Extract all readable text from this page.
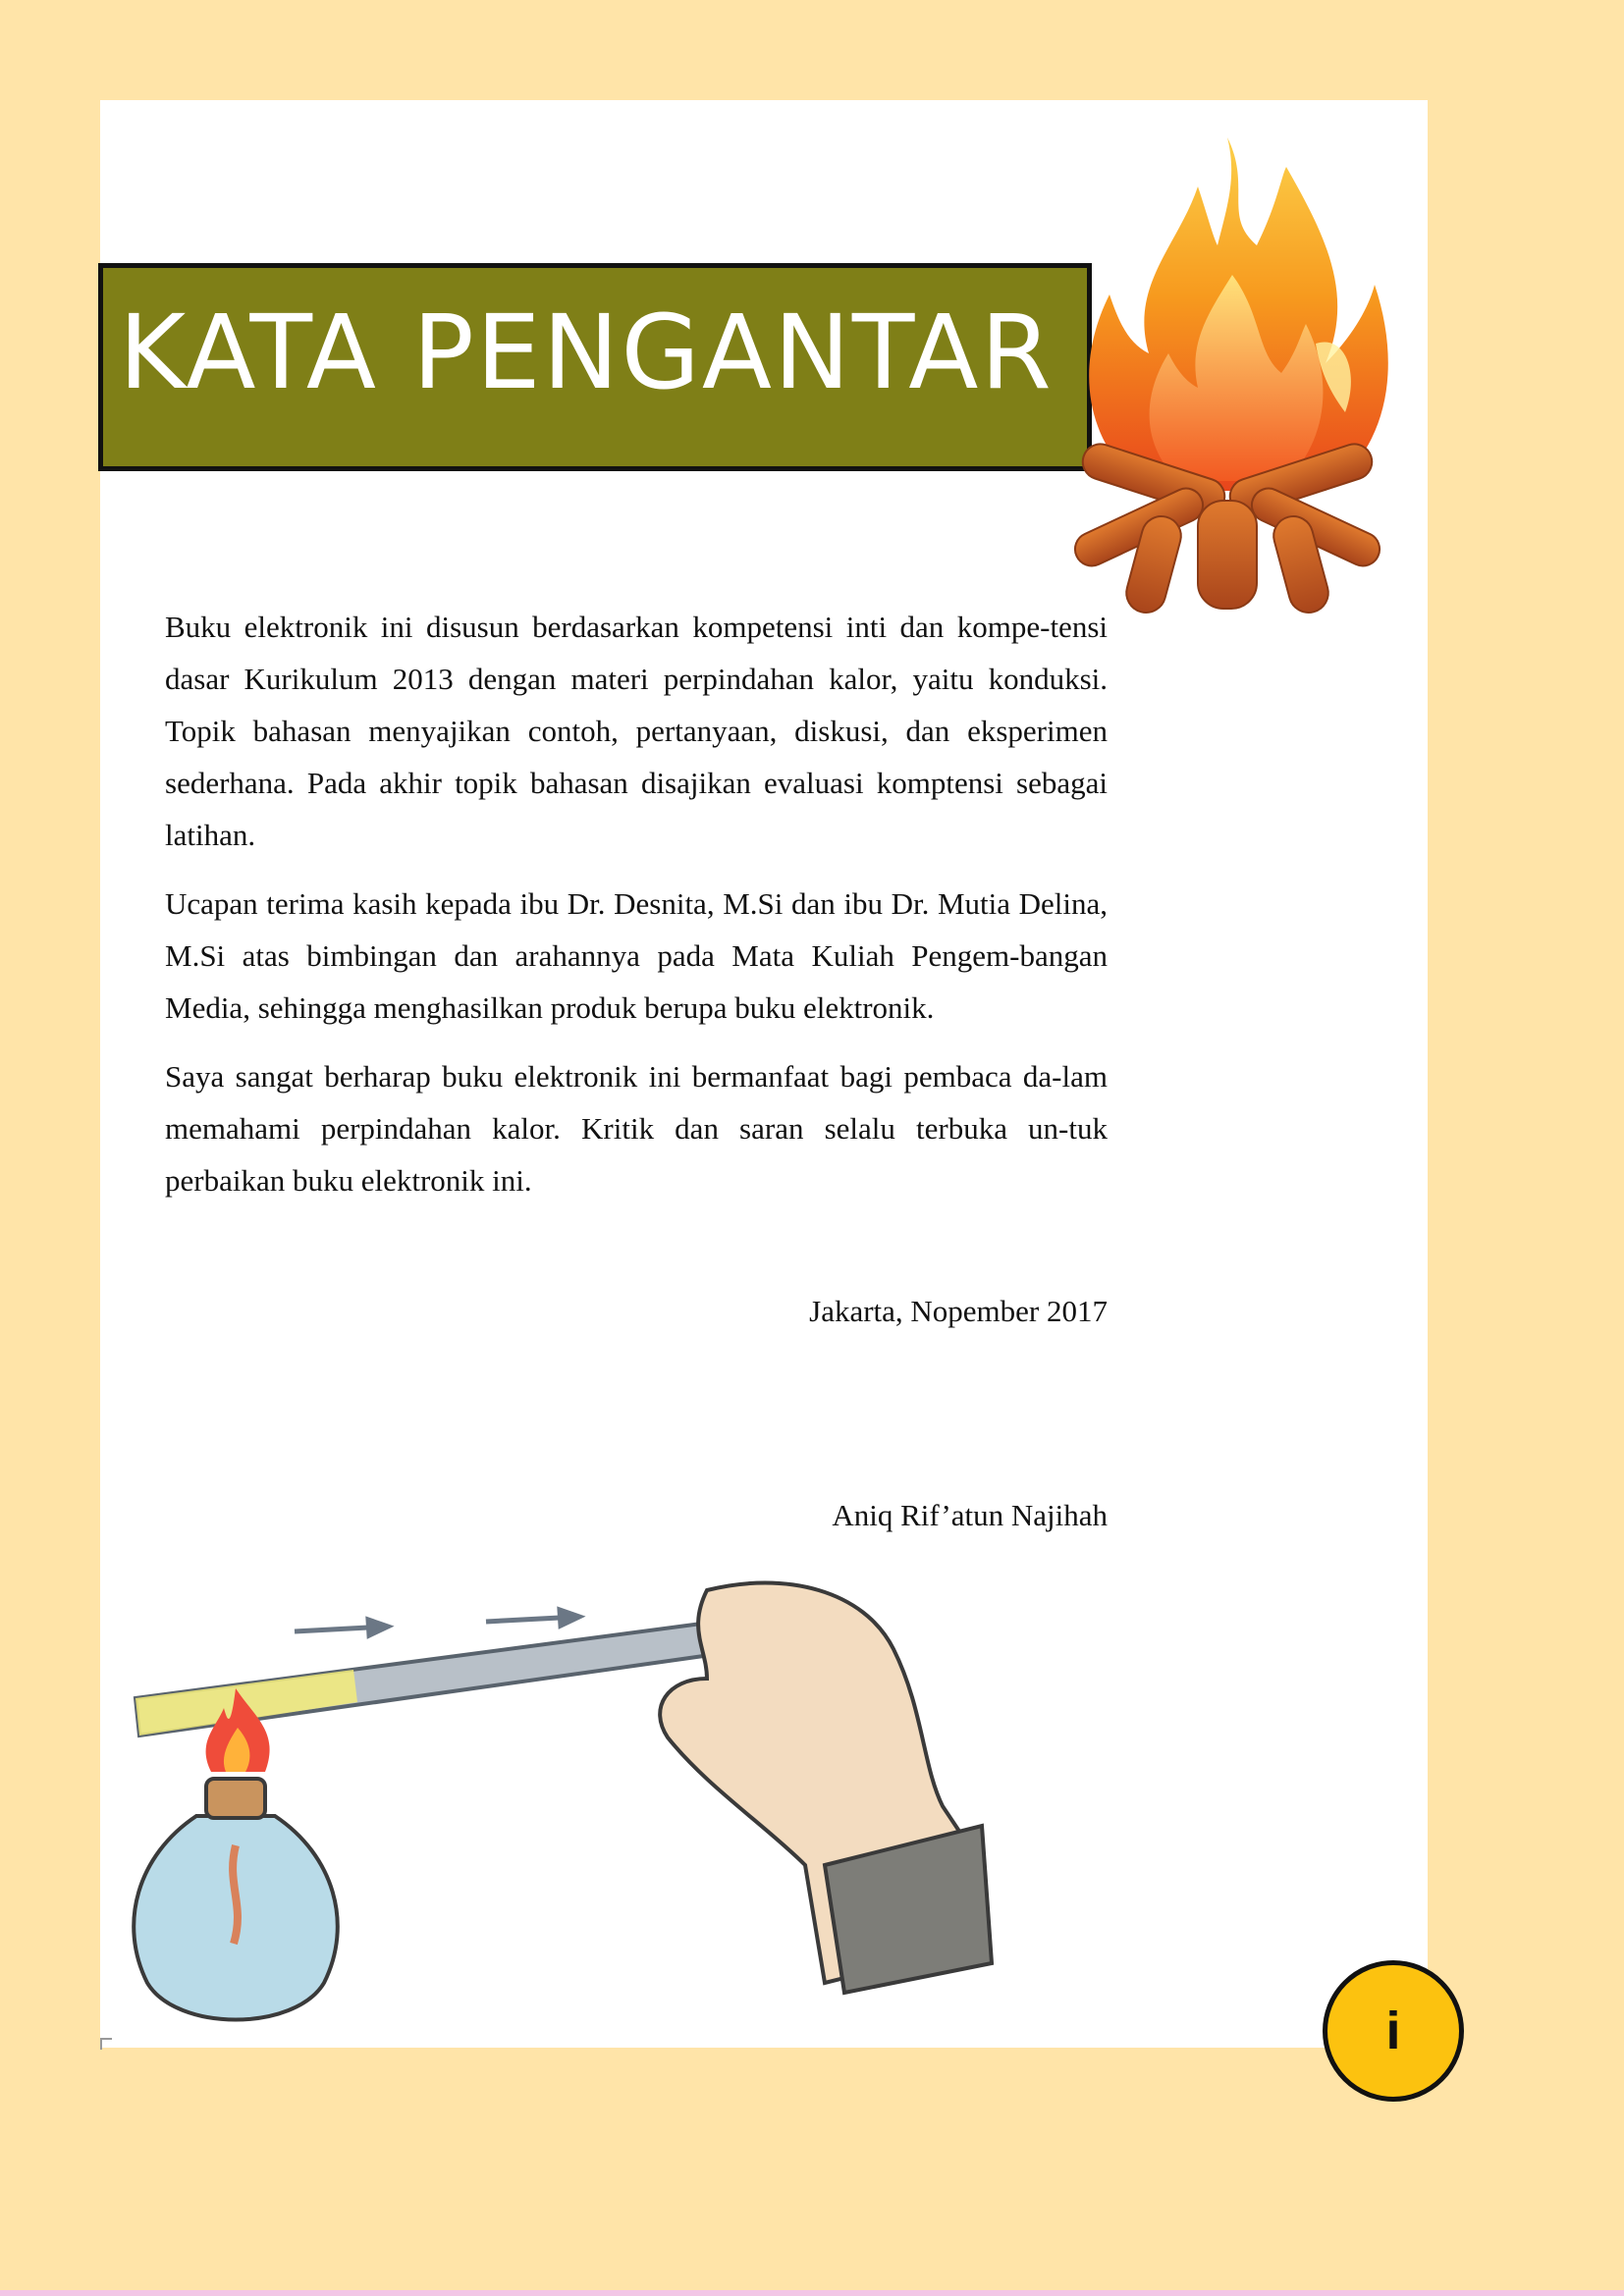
KATA PENGANTAR

Buku elektronik ini disusun berdasarkan kompetensi inti dan kompe-tensi dasar Kurikulum 2013 dengan materi perpindahan kalor, yaitu konduksi. Topik bahasan menyajikan contoh, pertanyaan, diskusi, dan eksperimen sederhana. Pada akhir topik bahasan disajikan evaluasi komptensi sebagai latihan.

Ucapan terima kasih kepada ibu Dr. Desnita, M.Si dan ibu Dr. Mutia Delina, M.Si atas bimbingan dan arahannya pada Mata Kuliah Pengem-bangan Media, sehingga menghasilkan produk berupa buku elektronik.

Saya sangat berharap buku elektronik ini bermanfaat bagi pembaca da-lam memahami perpindahan kalor. Kritik dan saran selalu terbuka un-tuk perbaikan buku elektronik ini.

Jakarta, Nopember 2017
Aniq Rif’atun Najihah
i
